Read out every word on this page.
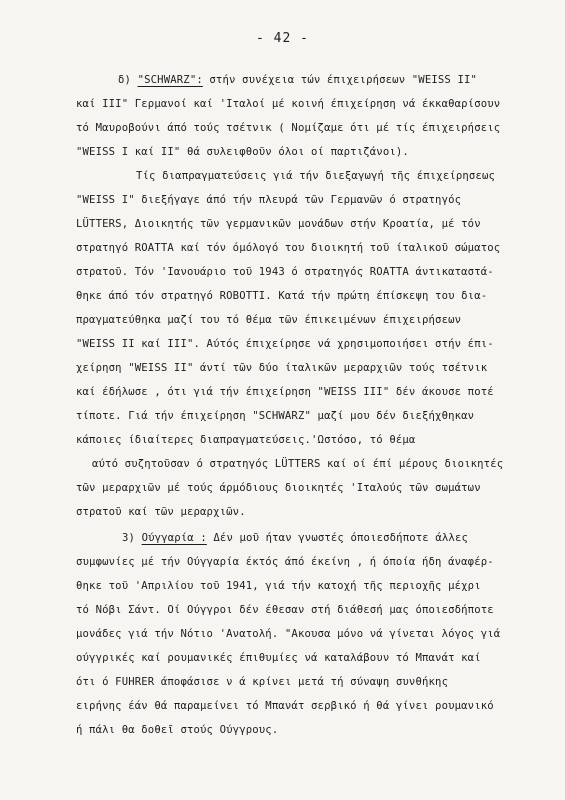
- 42 -
δ) "SCHWARZ": στήν συνέχεια τών έπιχειρήσεων "WEISS II"
καί III" Γερμανοί καί 'Ιταλοί μέ κοινή έπιχείρηση νά έκκαθαρίσουν
τό Μαυροβούνι άπό τούς τσέτνικ ( Νομίζαμε ότι μέ τίς έπιχειρήσεις
"WEISS I καί II" θά συλειφθοῦν όλοι οί παρτιζάνοι).
Τίς διαπραγματεύσεις γιά τήν διεξαγωγή τῆς έπιχείρησεως
"WEISS I" διεξήγαγε άπό τήν πλευρά τῶν Γερμανῶν ό στρατηγός
LÜTTERS, Διοικητής τῶν γερμανικῶν μονάδων στήν Κροατία, μέ τόν
στρατηγό ROATTA καί τόν όμόλογό του διοικητή τοῦ ίταλικοῦ σώματος
στρατοῦ. Τόν 'Ιανουάριο τοῦ 1943 ό στρατηγός ROATTA άντικαταστά-
θηκε άπό τόν στρατηγό ROBOTTI. Κατά τήν πρώτη έπίσκεψη του δια-
πραγματεύθηκα μαζί του τό θέμα τῶν έπικειμένων έπιχειρήσεων
"WEISS II καί III". Αύτός έπιχείρησε νά χρησιμοποιήσει στήν έπι-
χείρηση "WEISS II" άντί τῶν δύο ίταλικῶν μεραρχιῶν τούς τσέτνικ
καί έδήλωσε , ότι γιά τήν έπιχείρηση "WEISS III" δέν άκουσε ποτέ
τίποτε. Γιά τήν έπιχείρηση "SCHWARZ" μαζί μου δέν διεξήχθηκαν
κάποιες ίδιαίτερες διαπραγματεύσεις.'Ωστόσο, τό θέμα
αύτό συζητοῦσαν ό στρατηγός LÜTTERS καί οί έπί μέρους διοικητές
τῶν μεραρχιῶν μέ τούς άρμόδιους διοικητές 'Ιταλούς τῶν σωμάτων
στρατοῦ καί τῶν μεραρχιῶν.
3) Ούγγαρία : Δέν μοῦ ήταν γνωστές όποιεσδήποτε άλλες
συμφωνίες μέ τήν Ούγγαρία έκτός άπό έκείνη , ή όποία ήδη άναφέρ-
θηκε τοῦ 'Απριλίου τοῦ 1941, γιά τήν κατοχή τῆς περιοχῆς μέχρι
τό Νόβι Σάντ. Οί Ούγγροι δέν έθεσαν στή διάθεσή μας όποιεσδήποτε
μονάδες γιά τήν Νότιο 'Ανατολή. "Ακουσα μόνο νά γίνεται λόγος γιά
ούγγρικές καί ρουμανικές έπιθυμίες νά καταλάβουν τό Μπανάτ καί
ότι ό FUHRER άποφάσισε ν ά κρίνει μετά τή σύναψη συνθήκης
ειρήνης έάν θά παραμείνει τό Μπανάτ σερβικό ή θά γίνει ρουμανικό
ή πάλι θα δοθεῖ στούς Ούγγρους.
